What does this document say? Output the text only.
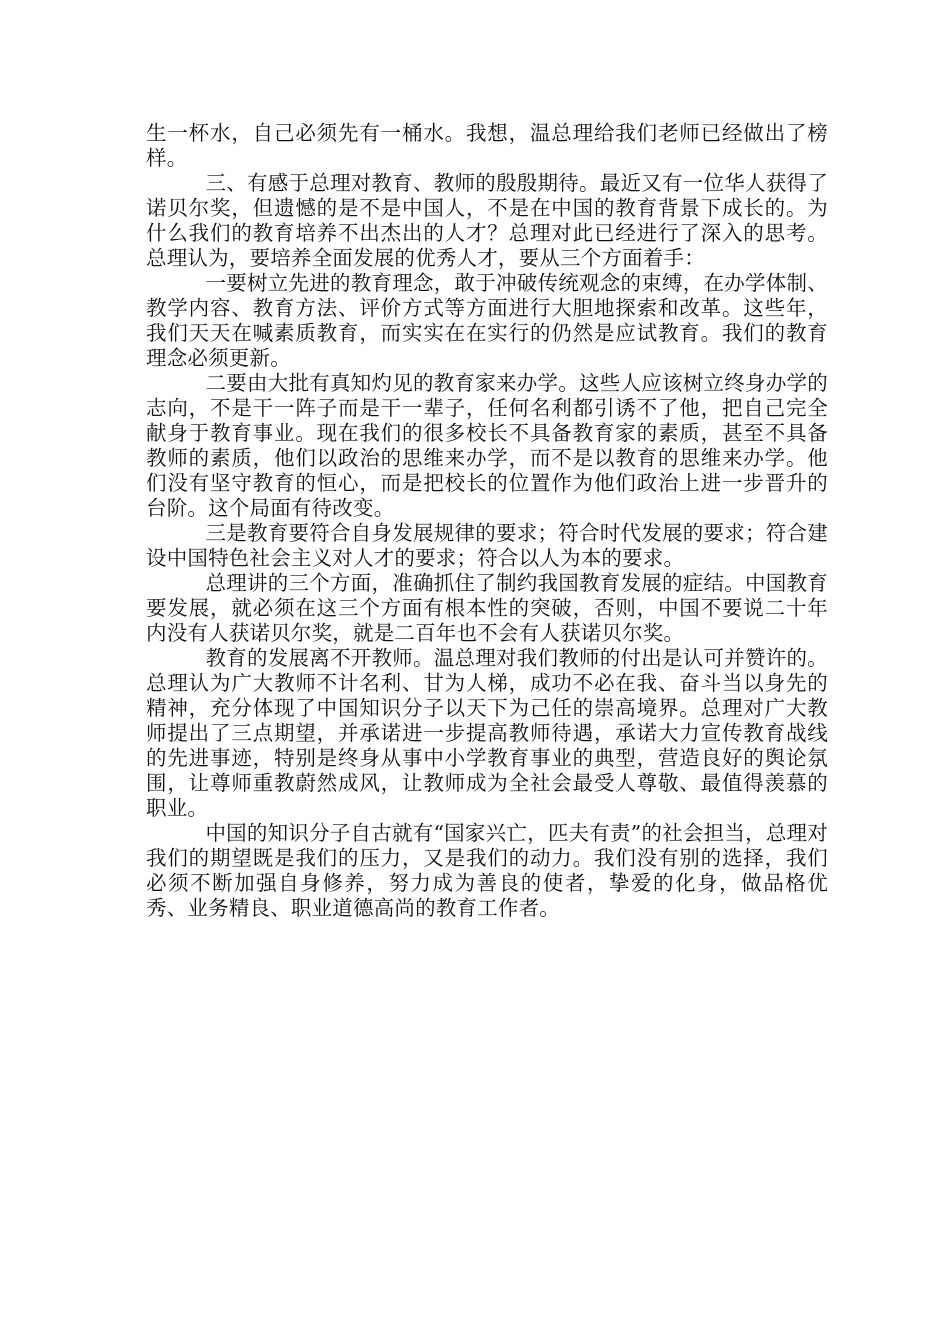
生一杯水，自己必须先有一桶水。我想，温总理给我们老师已经做出了榜样。

三、有感于总理对教育、教师的殷殷期待。最近又有一位华人获得了诺贝尔奖，但遗憾的是不是中国人，不是在中国的教育背景下成长的。为什么我们的教育培养不出杰出的人才？总理对此已经进行了深入的思考。总理认为，要培养全面发展的优秀人才，要从三个方面着手：

一要树立先进的教育理念，敢于冲破传统观念的束缚，在办学体制、教学内容、教育方法、评价方式等方面进行大胆地探索和改革。这些年，我们天天在喊素质教育，而实实在在实行的仍然是应试教育。我们的教育理念必须更新。

二要由大批有真知灼见的教育家来办学。这些人应该树立终身办学的志向，不是干一阵子而是干一辈子，任何名利都引诱不了他，把自己完全献身于教育事业。现在我们的很多校长不具备教育家的素质，甚至不具备教师的素质，他们以政治的思维来办学，而不是以教育的思维来办学。他们没有坚守教育的恒心，而是把校长的位置作为他们政治上进一步晋升的台阶。这个局面有待改变。

三是教育要符合自身发展规律的要求；符合时代发展的要求；符合建设中国特色社会主义对人才的要求；符合以人为本的要求。

总理讲的三个方面，准确抓住了制约我国教育发展的症结。中国教育要发展，就必须在这三个方面有根本性的突破，否则，中国不要说二十年内没有人获诺贝尔奖，就是二百年也不会有人获诺贝尔奖。

教育的发展离不开教师。温总理对我们教师的付出是认可并赞许的。总理认为广大教师不计名利、甘为人梯，成功不必在我、奋斗当以身先的精神，充分体现了中国知识分子以天下为己任的崇高境界。总理对广大教师提出了三点期望，并承诺进一步提高教师待遇，承诺大力宣传教育战线的先进事迹，特别是终身从事中小学教育事业的典型，营造良好的舆论氛围，让尊师重教蔚然成风，让教师成为全社会最受人尊敬、最值得羡慕的职业。

中国的知识分子自古就有“国家兴亡，匹夫有责”的社会担当，总理对我们的期望既是我们的压力，又是我们的动力。我们没有别的选择，我们必须不断加强自身修养，努力成为善良的使者，挚爱的化身，做品格优秀、业务精良、职业道德高尚的教育工作者。
